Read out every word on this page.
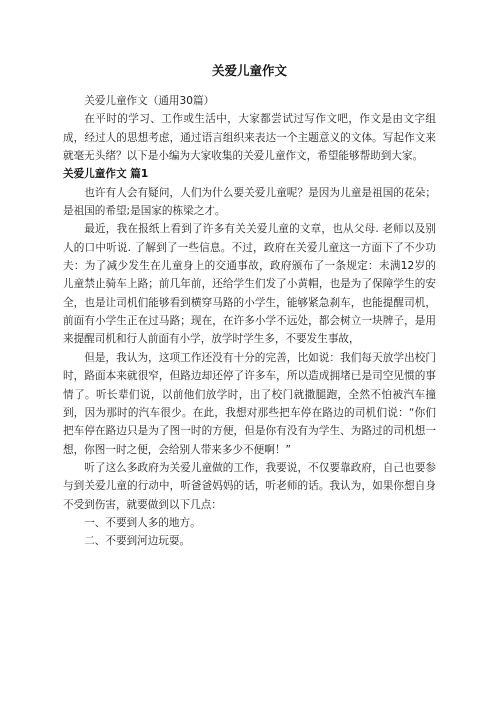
关爱儿童作文

关爱儿童作文（通用30篇）

在平时的学习、工作或生活中，大家都尝试过写作文吧，作文是由文字组成，经过人的思想考虑，通过语言组织来表达一个主题意义的文体。写起作文来就毫无头绪？以下是小编为大家收集的关爱儿童作文，希望能够帮助到大家。

关爱儿童作文 篇1

也许有人会有疑问，人们为什么要关爱儿童呢？是因为儿童是祖国的花朵；是祖国的希望;是国家的栋梁之才。

最近，我在报纸上看到了许多有关关爱儿童的文章，也从父母. 老师以及别人的口中听说. 了解到了一些信息。不过，政府在关爱儿童这一方面下了不少功夫：为了减少发生在儿童身上的交通事故，政府颁布了一条规定：未满12岁的儿童禁止骑车上路；前几年前，还给学生们发了小黄帽，也是为了保障学生的安全，也是让司机们能够看到横穿马路的小学生，能够紧急刹车，也能提醒司机，前面有小学生正在过马路；现在，在许多小学不远处，都会树立一块牌子，是用来提醒司机和行人前面有小学，放学时学生多，不要发生事故，

但是，我认为，这项工作还没有十分的完善，比如说：我们每天放学出校门时，路面本来就很窄，但路边却还停了许多车，所以造成拥堵已是司空见惯的事情了。听长辈们说，以前他们放学时，出了校门就撒腿跑，全然不怕被汽车撞到，因为那时的汽车很少。在此，我想对那些把车停在路边的司机们说：“你们把车停在路边只是为了图一时的方便，但是你有没有为学生、为路过的司机想一想，你图一时之便，会给别人带来多少不便啊！”

听了这么多政府为关爱儿童做的工作，我要说，不仅要靠政府，自己也要参与到关爱儿童的行动中，听爸爸妈妈的话，听老师的话。我认为，如果你想自身不受到伤害，就要做到以下几点：

一、不要到人多的地方。

二、不要到河边玩耍。
